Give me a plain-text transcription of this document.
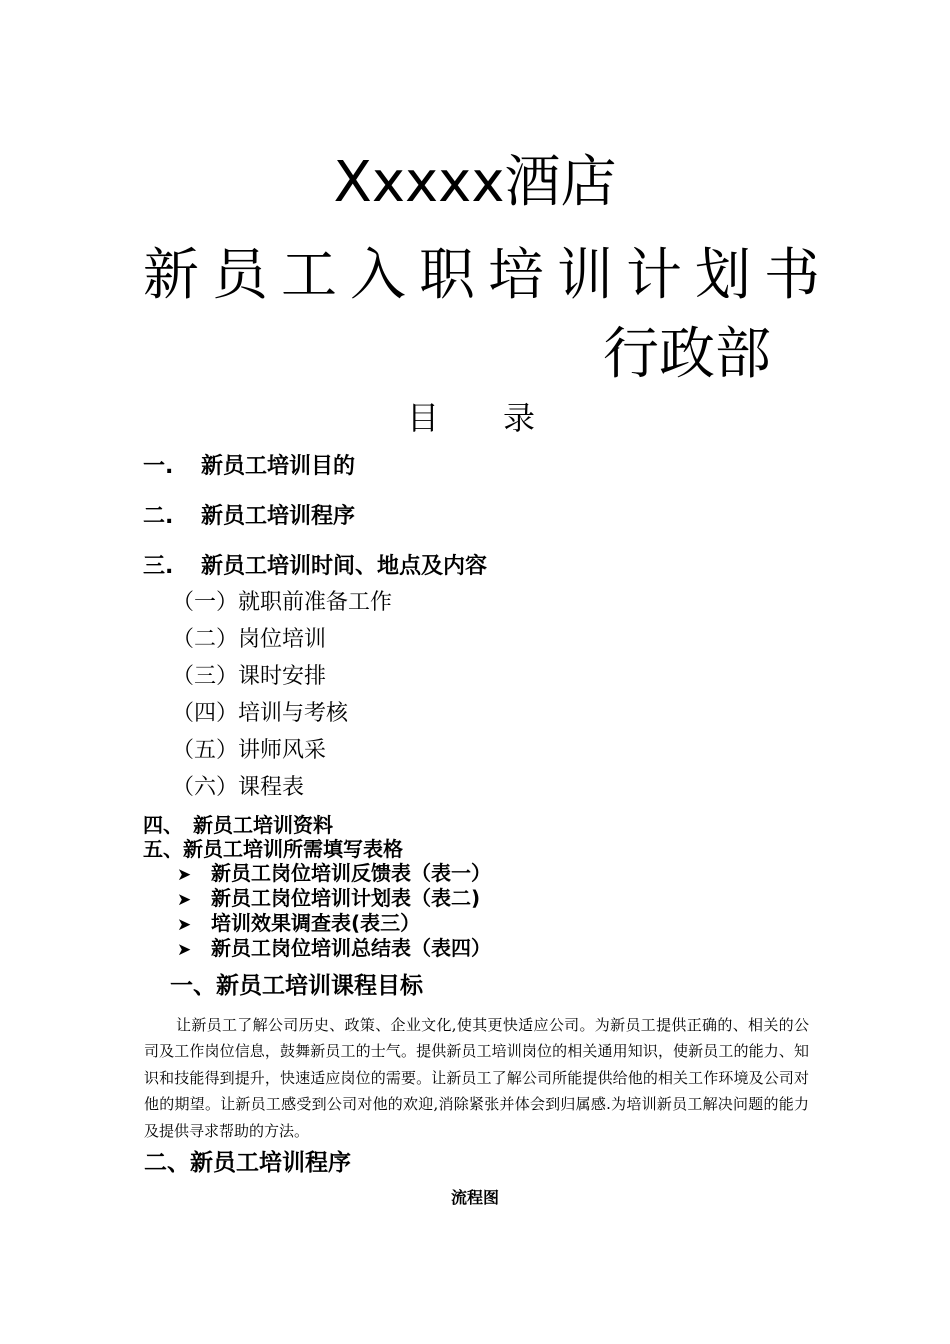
Xxxxx酒店
新员工入职培训计划书
行政部
目　　录
一. 新员工培训目的
二. 新员工培训程序
三. 新员工培训时间、地点及内容
（一）就职前准备工作
（二）岗位培训
（三）课时安排
（四）培训与考核
（五）讲师风采
（六）课程表
四、　新员工培训资料
五、新员工培训所需填写表格
➤ 新员工岗位培训反馈表（表一）
➤ 新员工岗位培训计划表（表二)
➤ 培训效果调查表(表三）
➤ 新员工岗位培训总结表（表四）
一、新员工培训课程目标
让新员工了解公司历史、政策、企业文化,使其更快适应公司。为新员工提供正确的、相关的公司及工作岗位信息，鼓舞新员工的士气。提供新员工培训岗位的相关通用知识，使新员工的能力、知识和技能得到提升，快速适应岗位的需要。让新员工了解公司所能提供给他的相关工作环境及公司对他的期望。让新员工感受到公司对他的欢迎,消除紧张并体会到归属感.为培训新员工解决问题的能力及提供寻求帮助的方法。
二、新员工培训程序
流程图
